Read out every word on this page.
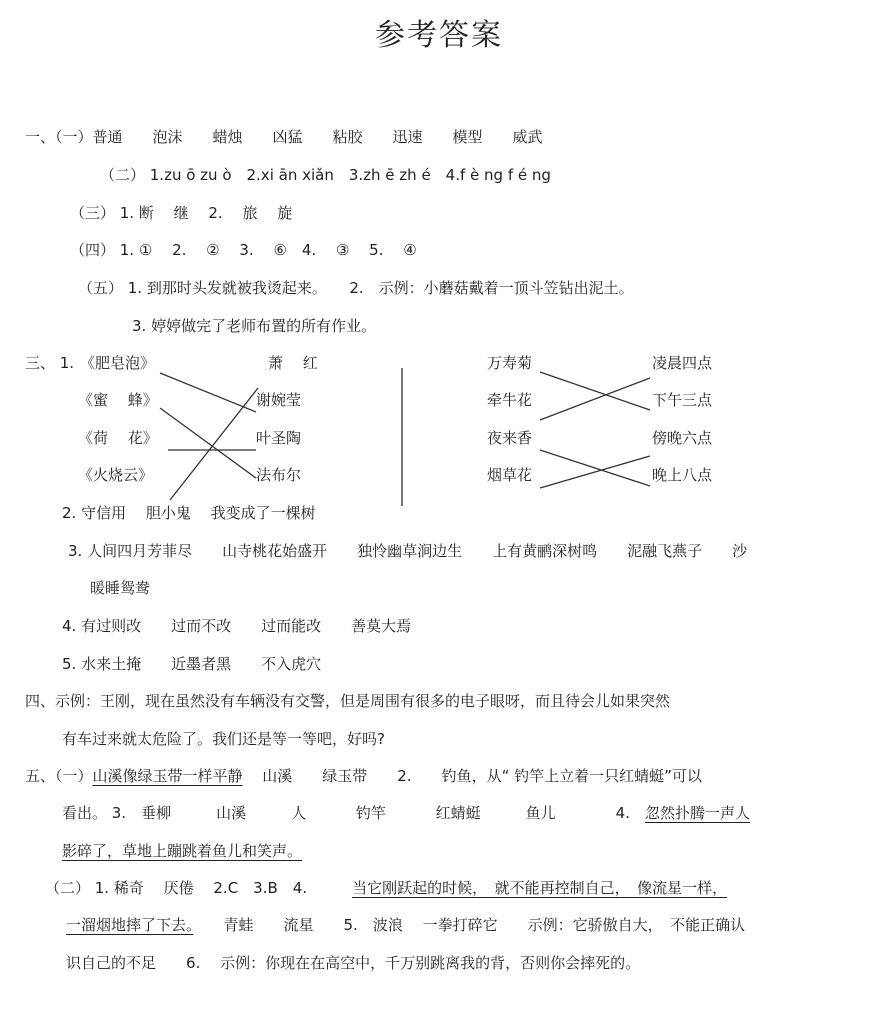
参考答案
一、（一）普通　　泡沫　　蜡烛　　凶猛　　粘胶　　迅速　　模型　　威武
（二） 1.zu ō zu ò　2.xi ān xiǎn　3.zh ē zh é　4.f è ng f é ng
（三） 1. 断　 继　 2.　 旅　 旋
（四） 1. ①　 2.　 ②　 3.　 ⑥　4.　 ③　 5.　 ④
（五） 1. 到那时头发就被我烫起来。　　2.　示例：小蘑菇戴着一顶斗笠钻出泥土。
3. 婷婷做完了老师布置的所有作业。
三、 1. 《肥皂泡》
《蜜　 蜂》
《荷　 花》
《火烧云》
萧　 红
谢婉莹
叶圣陶
法布尔
万寿菊
牵牛花
夜来香
烟草花
凌晨四点
下午三点
傍晚六点
晚上八点
2. 守信用　 胆小鬼　 我变成了一棵树
3. 人间四月芳菲尽　　山寺桃花始盛开　　独怜幽草涧边生　　上有黄鹂深树鸣　　泥融飞燕子　　沙
暖睡鸳鸯
4. 有过则改　　过而不改　　过而能改　　善莫大焉
5. 水来土掩　　近墨者黑　　不入虎穴
四、示例：王刚，现在虽然没有车辆没有交警，但是周围有很多的电子眼呀，而且待会儿如果突然
有车过来就太危险了。我们还是等一等吧，好吗?
五、（一）山溪像绿玉带一样平静　 山溪　　绿玉带　　2.　　钓鱼，从“ 钓竿上立着一只红蜻蜓”可以
看出。 3.　垂柳　　　山溪　　　人　　　 钓竿　　　 红蜻蜓　　　鱼儿　　　　4.　忽然扑腾一声人
影碎了，草地上蹦跳着鱼儿和笑声。
（二） 1. 稀奇　 厌倦　 2.C　3.B　4.　　　当它刚跃起的时候，　就不能再控制自己，　像流星一样，
一溜烟地摔了下去。　　青蛙　　流星　　5.　波浪　 一拳打碎它　　示例：它骄傲自大，　不能正确认
识自己的不足　　6.　 示例：你现在在高空中，千万别跳离我的背，否则你会摔死的。
